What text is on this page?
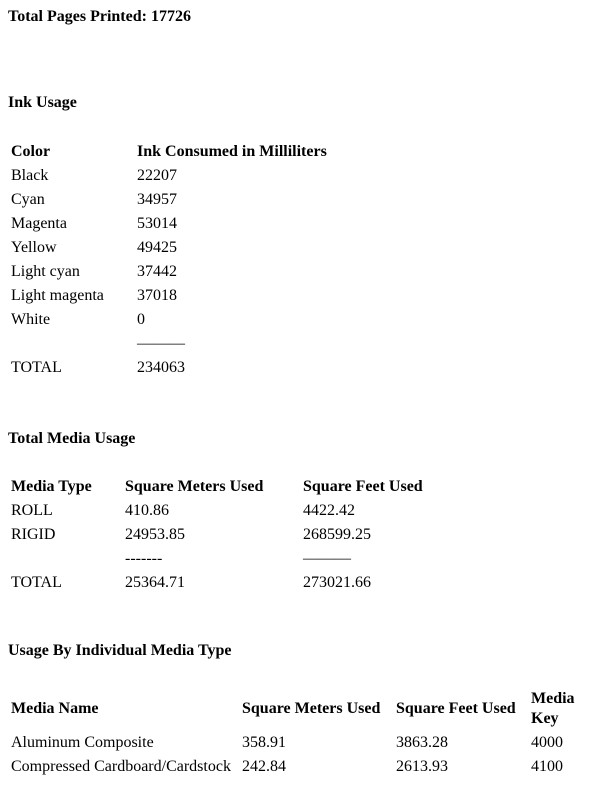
Total Pages Printed: 17726
Ink Usage
Color	Ink Consumed in Milliliters
Black	22207
Cyan	34957
Magenta	53014
Yellow	49425
Light cyan	37442
Light magenta	37018
White	0
	———
TOTAL	234063
Total Media Usage
Media Type	Square Meters Used	Square Feet Used
ROLL	410.86	4422.42
RIGID	24953.85	268599.25
	-------	———
TOTAL	25364.71	273021.66
Usage By Individual Media Type
Media Name	Square Meters Used	Square Feet Used	Media Key
Aluminum Composite	358.91	3863.28	4000
Compressed Cardboard/Cardstock	242.84	2613.93	4100
